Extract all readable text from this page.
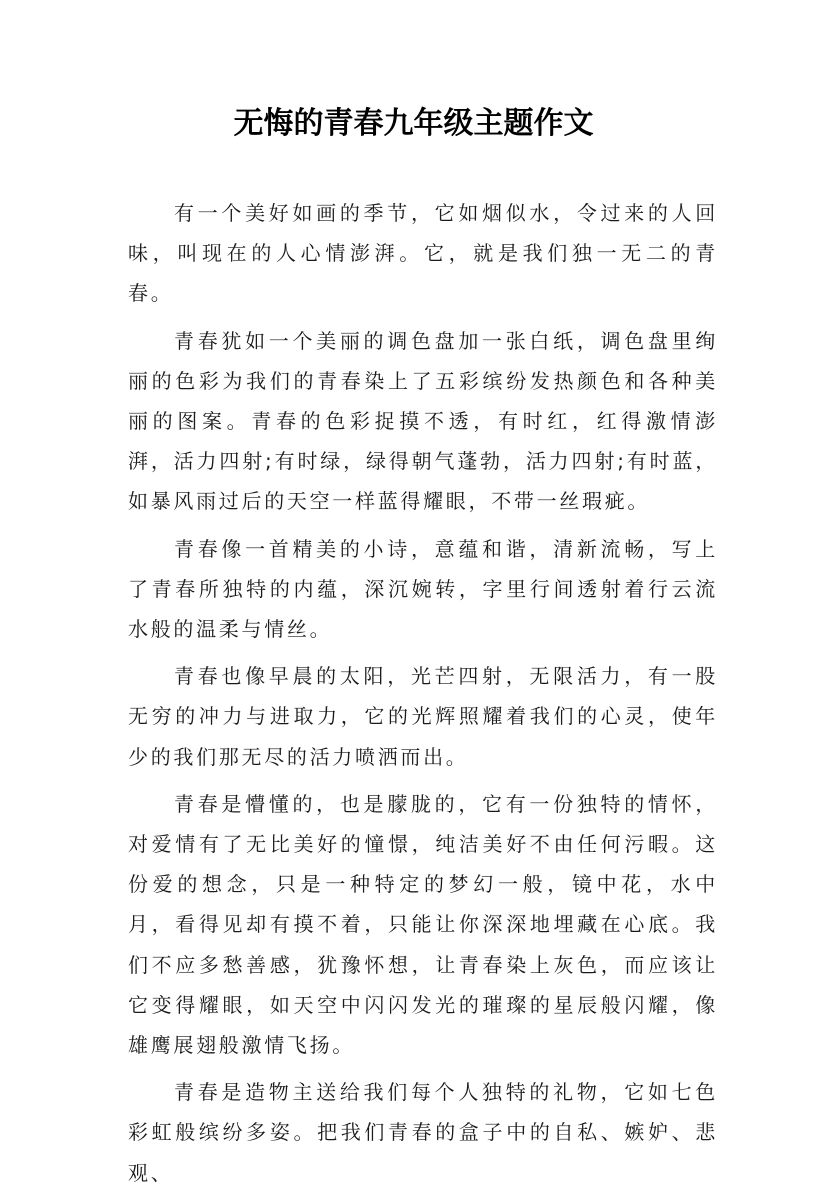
无悔的青春九年级主题作文

有一个美好如画的季节，它如烟似水，令过来的人回味，叫现在的人心情澎湃。它，就是我们独一无二的青春。

青春犹如一个美丽的调色盘加一张白纸，调色盘里绚丽的色彩为我们的青春染上了五彩缤纷发热颜色和各种美丽的图案。青春的色彩捉摸不透，有时红，红得激情澎湃，活力四射;有时绿，绿得朝气蓬勃，活力四射;有时蓝，如暴风雨过后的天空一样蓝得耀眼，不带一丝瑕疵。

青春像一首精美的小诗，意蕴和谐，清新流畅，写上了青春所独特的内蕴，深沉婉转，字里行间透射着行云流水般的温柔与情丝。

青春也像早晨的太阳，光芒四射，无限活力，有一股无穷的冲力与进取力，它的光辉照耀着我们的心灵，使年少的我们那无尽的活力喷洒而出。

青春是懵懂的，也是朦胧的，它有一份独特的情怀，对爱情有了无比美好的憧憬，纯洁美好不由任何污暇。这份爱的想念，只是一种特定的梦幻一般，镜中花，水中月，看得见却有摸不着，只能让你深深地埋藏在心底。我们不应多愁善感，犹豫怀想，让青春染上灰色，而应该让它变得耀眼，如天空中闪闪发光的璀璨的星辰般闪耀，像雄鹰展翅般激情飞扬。

青春是造物主送给我们每个人独特的礼物，它如七色彩虹般缤纷多姿。把我们青春的盒子中的自私、嫉妒、悲观、
